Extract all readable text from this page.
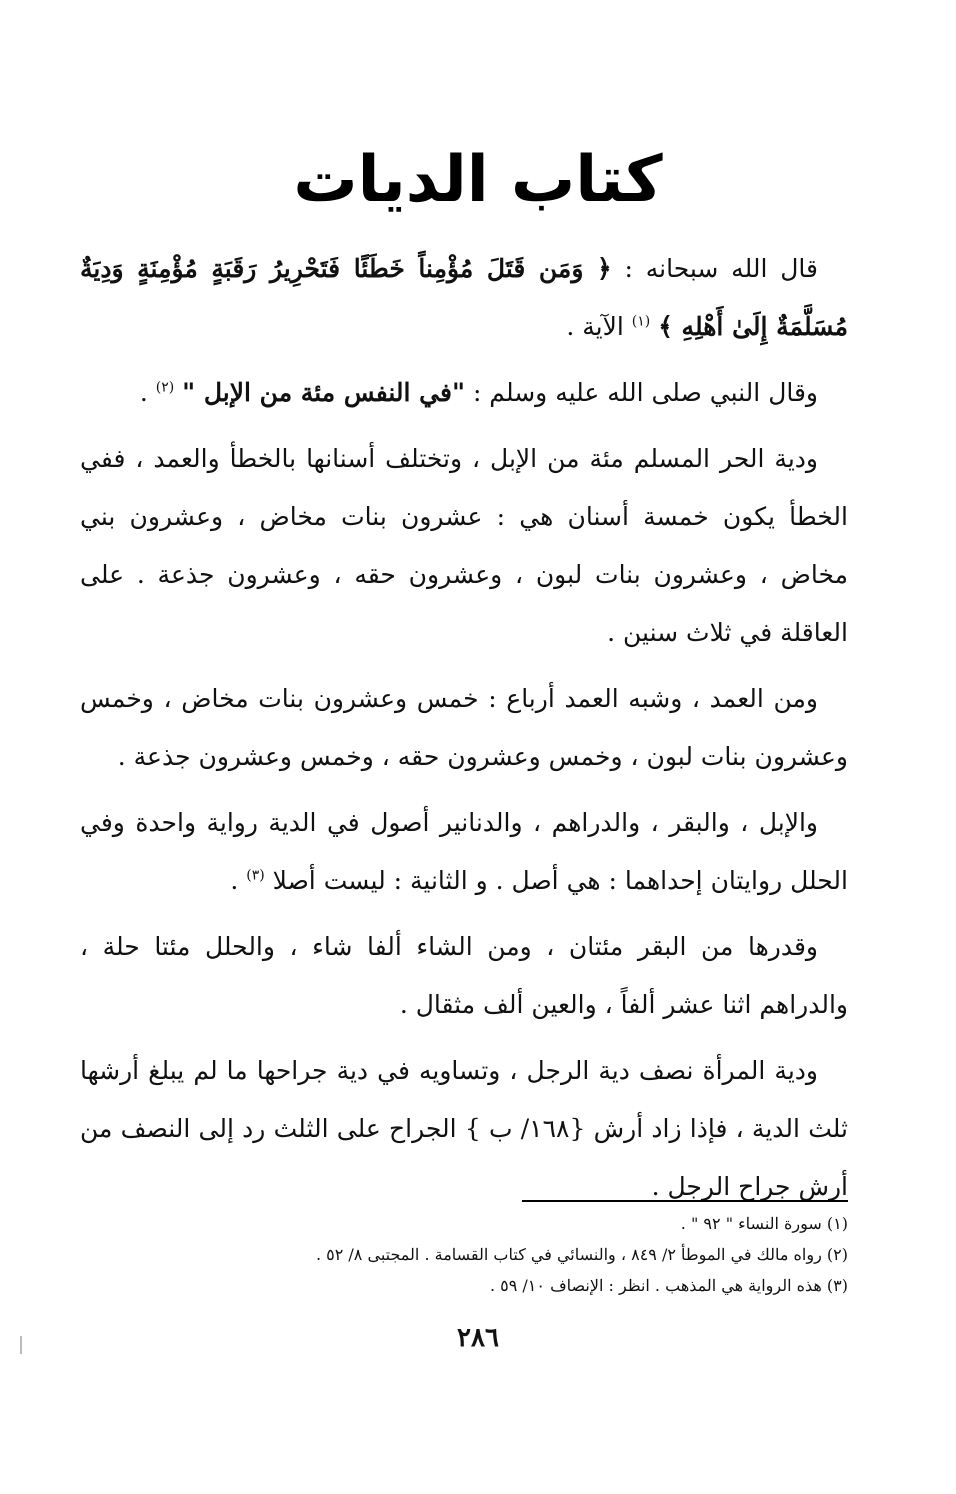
كتاب الديات

قال الله سبحانه : ﴿ وَمَن قَتَلَ مُؤْمِناً خَطَئًا فَتَحْرِيرُ رَقَبَةٍ مُؤْمِنَةٍ وَدِيَةٌ مُسَلَّمَةٌ إِلَىٰ أَهْلِهِ ﴾ $^{(١)}$ الآية .

وقال النبي صلى الله عليه وسلم : "في النفس مئة من الإبل " $^{(٢)}$ .

ودية الحر المسلم مئة من الإبل ، وتختلف أسنانها بالخطأ والعمد ، ففي الخطأ يكون خمسة أسنان هي : عشرون بنات مخاض ، وعشرون بني مخاض ، وعشرون بنات لبون ، وعشرون حقه ، وعشرون جذعة . على العاقلة في ثلاث سنين .

ومن العمد ، وشبه العمد أرباع : خمس وعشرون بنات مخاض ، وخمس وعشرون بنات لبون ، وخمس وعشرون حقه ، وخمس وعشرون جذعة .

والإبل ، والبقر ، والدراهم ، والدنانير أصول في الدية رواية واحدة وفي الحلل روايتان إحداهما : هي أصل . و الثانية : ليست أصلا $^{(٣)}$ .

وقدرها من البقر مئتان ، ومن الشاء ألفا شاء ، والحلل مئتا حلة ، والدراهم اثنا عشر ألفاً ، والعين ألف مثقال .

ودية المرأة نصف دية الرجل ، وتساويه في دية جراحها ما لم يبلغ أرشها ثلث الدية ، فإذا زاد أرش {١٦٨/ ب } الجراح على الثلث رد إلى النصف من أرش جراح الرجل .

(١) سورة النساء " ٩٢ " .

(٢) رواه مالك في الموطأ ٢/ ٨٤٩ ، والنسائي في كتاب القسامة . المجتبى ٨/ ٥٢ .

(٣) هذه الرواية هي المذهب . انظر : الإنصاف ١٠/ ٥٩ .

٢٨٦
